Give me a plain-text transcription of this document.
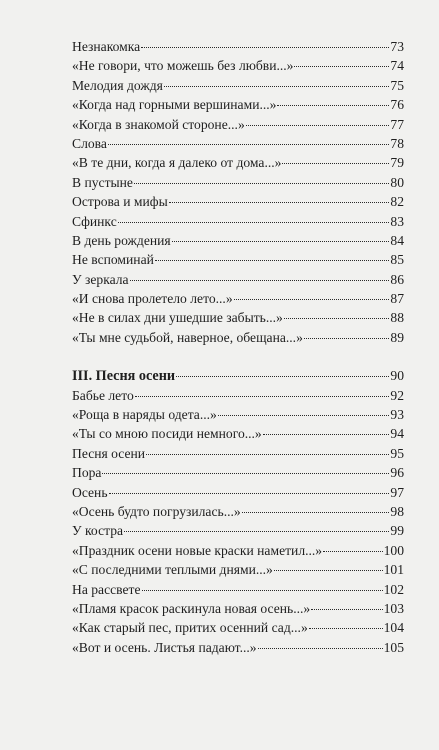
Незнакомка	73
«Не говори, что можешь без любви...»	74
Мелодия дождя	75
«Когда над горными вершинами...»	76
«Когда в знакомой стороне...»	77
Слова	78
«В те дни, когда я далеко от дома...»	79
В пустыне	80
Острова и мифы	82
Сфинкс	83
В день рождения	84
Не вспоминай	85
У зеркала	86
«И снова пролетело лето...»	87
«Не в силах дни ушедшие забыть...»	88
«Ты мне судьбой, наверное, обещана...»	89
III. Песня осени	90
Бабье лето	92
«Роща в наряды одета...»	93
«Ты со мною посиди немного...»	94
Песня осени	95
Пора	96
Осень	97
«Осень будто погрузилась...»	98
У костра	99
«Праздник осени новые краски наметил...»	100
«С последними теплыми днями...»	101
На рассвете	102
«Пламя красок раскинула новая осень...»	103
«Как старый пес, притих осенний сад...»	104
«Вот и осень. Листья падают...»	105
